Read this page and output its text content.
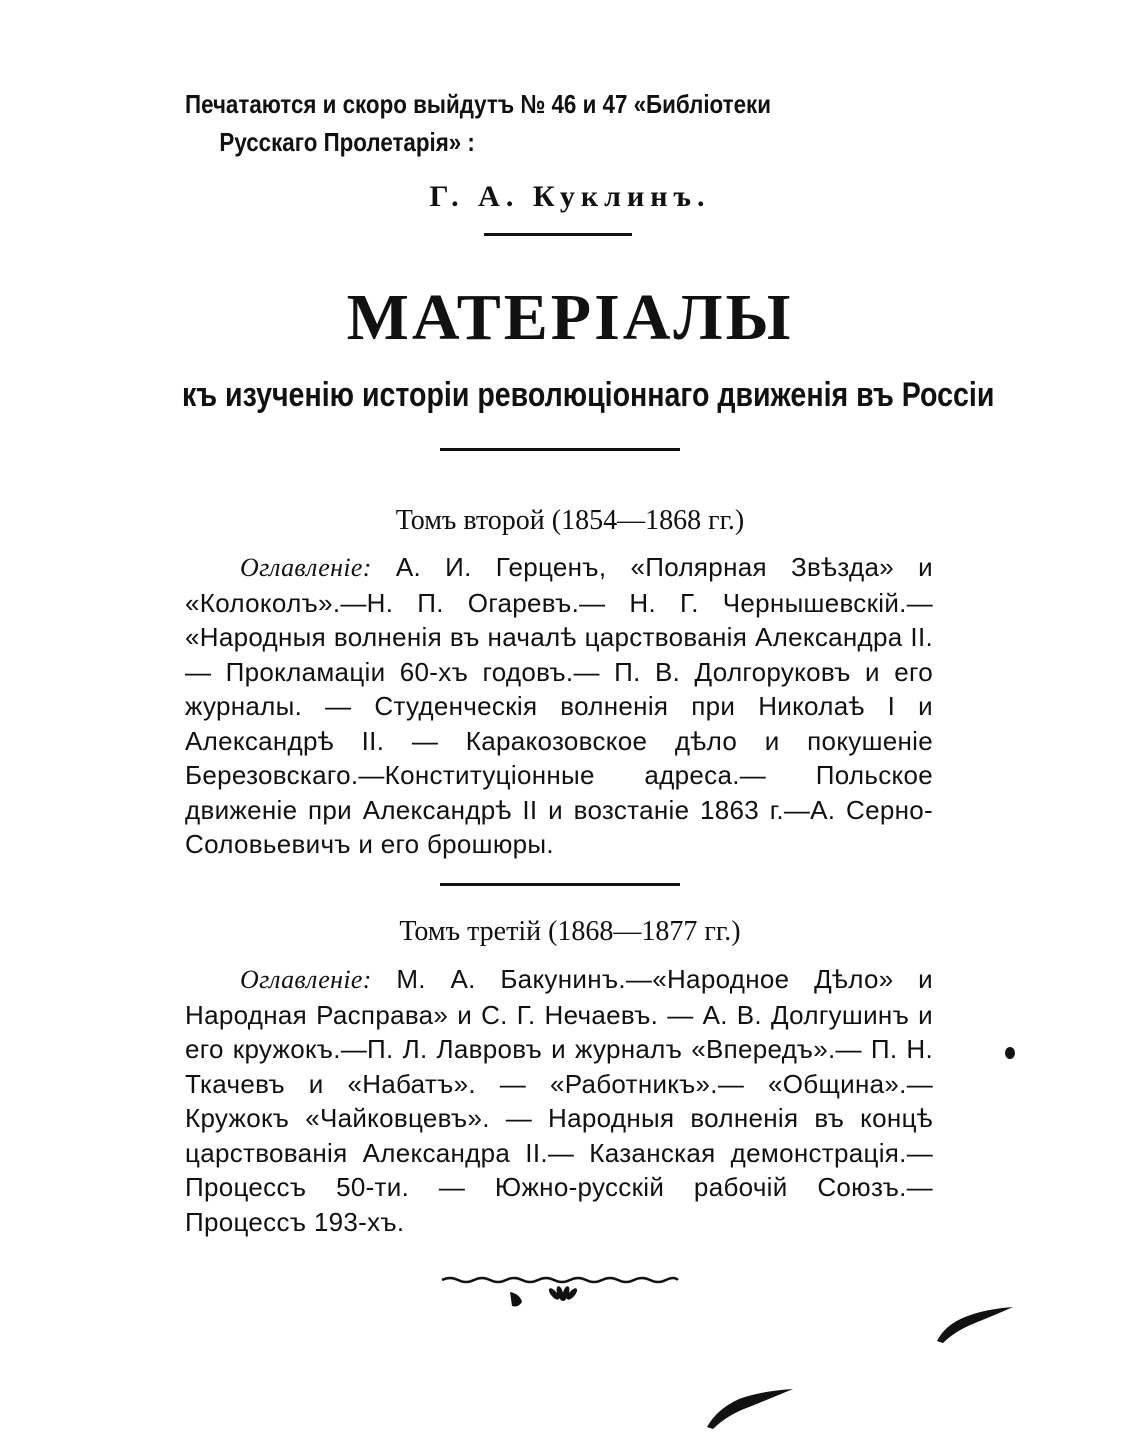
Печатаются и скоро выйдутъ № 46 и 47 «Библіотеки
Русскаго Пролетарія» :
Г. А. Куклинъ.
МАТЕРІАЛЫ
къ изученію исторіи революціоннаго движенія въ Россіи
Томъ второй (1854—1868 гг.)
Оглавленіе: А. И. Герценъ, «Полярная Звѣзда» и «Колоколъ».—Н. П. Огаревъ.— Н. Г. Чернышевскій.— «Народныя волненія въ началѣ царствованія Александра II.— Прокламаціи 60-хъ годовъ.— П. В. Долгоруковъ и его журналы. — Студенческія волненія при Николаѣ I и Александрѣ II. — Каракозовское дѣло и покушеніе Березовскаго.—Конституціонные адреса.— Польское движеніе при Александрѣ II и возстаніе 1863 г.—А. Серно-Соловьевичъ и его брошюры.
Томъ третій (1868—1877 гг.)
Оглавленіе: М. А. Бакунинъ.—«Народное Дѣло» и Народная Расправа» и С. Г. Нечаевъ. — А. В. Долгушинъ и его кружокъ.—П. Л. Лавровъ и журналъ «Впередъ».— П. Н. Ткачевъ и «Набатъ». — «Работникъ».— «Община».—Кружокъ «Чайковцевъ». — Народныя волненія въ концѣ царствованія Александра II.— Казанская демонстрація.— Процессъ 50-ти. — Южно-русскій рабочій Союзъ.—Процессъ 193-хъ.
